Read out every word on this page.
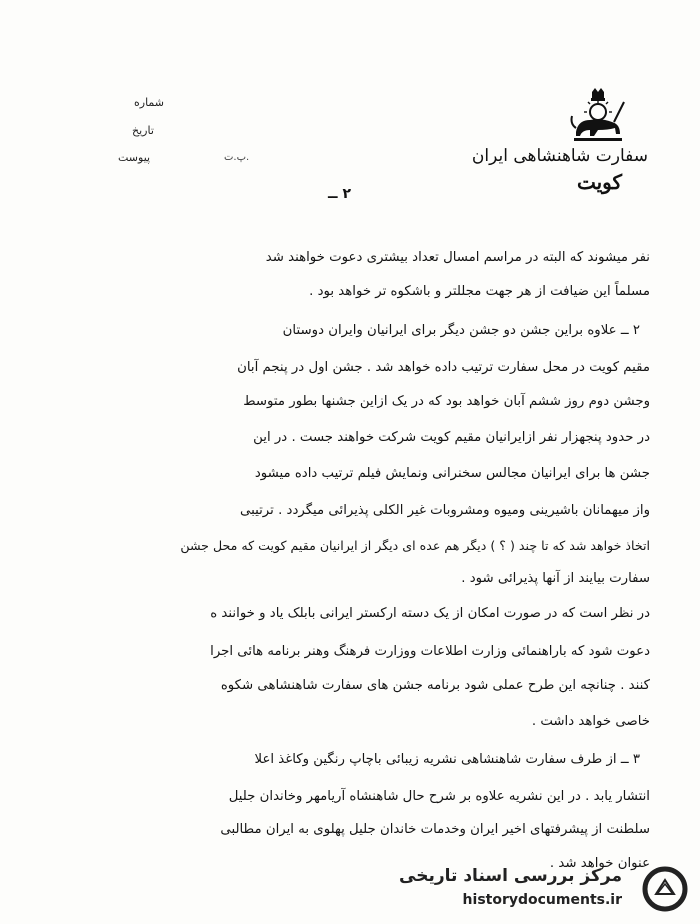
شماره
تاریخ
پیوست	پ.ت.	سفارت شاهنشاهی ایران
کویت
۲ ــ
نفر میشوند که البته در مراسم امسال تعداد بیشتری دعوت خواهند شد
مسلماً این ضیافت از هر جهت مجللتر و باشکوه تر خواهد بود .
۲ ــ علاوه براین جشن دو جشن دیگر برای ایرانیان وایران دوستان
مقیم کویت در محل سفارت ترتیب داده خواهد شد . جشن اول در پنجم آبان
وجشن دوم روز ششم آبان خواهد بود که در یک ازاین جشنها بطور متوسط
در حدود پنجهزار نفر ازایرانیان مقیم کویت شرکت خواهند جست . در این
جشن ها برای ایرانیان مجالس سخنرانی ونمایش فیلم ترتیب داده میشود
واز میهمانان باشیرینی ومیوه ومشروبات غیر الکلی پذیرائی میگردد . ترتیبی
اتخاذ خواهد شد که تا چند ( ؟ ) دیگر هم عده ای دیگر از ایرانیان مقیم کویت که محل جشن
سفارت بیایند از آنها پذیرائی شود .
در نظر است که در صورت امکان از یک دسته ارکستر ایرانی بابلک یاد و خوانند ه
دعوت شود که باراهنمائی وزارت اطلاعات ووزارت فرهنگ وهنر برنامه هائی اجرا
کنند . چنانچه این طرح عملی شود برنامه جشن های سفارت شاهنشاهی شکوه
خاصی خواهد داشت .
۳ ــ از طرف سفارت شاهنشاهی نشریه زیبائی باچاپ رنگین وکاغذ اعلا
انتشار یابد . در این نشریه علاوه بر شرح حال شاهنشاه آریامهر وخاندان جلیل
سلطنت از پیشرفتهای اخیر ایران وخدمات خاندان جلیل پهلوی به ایران مطالبی
عنوان خواهد شد .
مرکز بررسی اسناد تاریخی
historydocuments.ir
